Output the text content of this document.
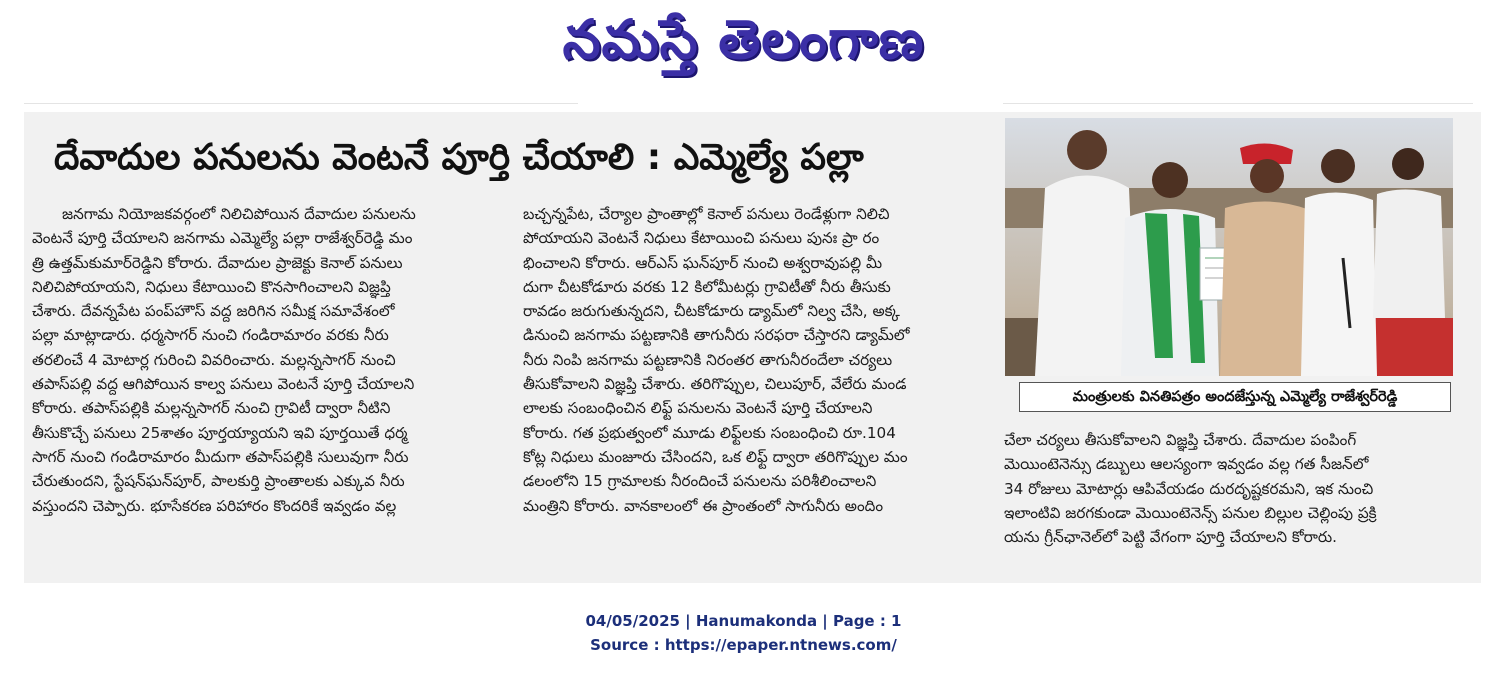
నమస్తే తెలంగాణ
దేవాదుల పనులను వెంటనే పూర్తి చేయాలి : ఎమ్మెల్యే పల్లా

జనగామ నియోజకవర్గంలో నిలిచిపోయిన దేవాదుల పనులను

వెంటనే పూర్తి చేయాలని జనగామ ఎమ్మెల్యే పల్లా రాజేశ్వర్‌రెడ్డి మం

త్రి ఉత్తమ్‌కుమార్‌రెడ్డిని కోరారు. దేవాదుల ప్రాజెక్టు కెనాల్ పనులు

నిలిచిపోయాయని, నిధులు కేటాయించి కొనసాగించాలని విజ్ఞప్తి

చేశారు. దేవన్నపేట పంప్‌హౌస్ వద్ద జరిగిన సమీక్ష సమావేశంలో

పల్లా మాట్లాడారు. ధర్మసాగర్ నుంచి గండిరామారం వరకు నీరు

తరలించే 4 మోటార్ల గురించి వివరించారు. మల్లన్నసాగర్ నుంచి

తపాస్‌పల్లి వద్ద ఆగిపోయిన కాల్వ పనులు వెంటనే పూర్తి చేయాలని

కోరారు. తపాస్‌పల్లికి మల్లన్నసాగర్ నుంచి గ్రావిటీ ద్వారా నీటిని

తీసుకొచ్చే పనులు 25శాతం పూర్తయ్యాయని ఇవి పూర్తయితే ధర్మ

సాగర్ నుంచి గండిరామారం మీదుగా తపాస్‌పల్లికి సులువుగా నీరు

చేరుతుందని, స్టేషన్‌ఘన్‌పూర్, పాలకుర్తి ప్రాంతాలకు ఎక్కువ నీరు

వస్తుందని చెప్పారు. భూసేకరణ పరిహారం కొందరికే ఇవ్వడం వల్ల

బచ్చన్నపేట, చేర్యాల ప్రాంతాల్లో కెనాల్ పనులు రెండేళ్లుగా నిలిచి

పోయాయని వెంటనే నిధులు కేటాయించి పనులు పునః ప్రా రం

భించాలని కోరారు. ఆర్ఎస్ ఘన్‌పూర్ నుంచి అశ్వరావుపల్లి మీ

దుగా చీటకోడూరు వరకు 12 కిలోమీటర్లు గ్రావిటీతో నీరు తీసుకు

రావడం జరుగుతున్నదని, చీటకోడూరు డ్యామ్‌లో నిల్వ చేసి, అక్క

డినుంచి జనగామ పట్టణానికి తాగునీరు సరఫరా చేస్తారని డ్యామ్‌లో

నీరు నింపి జనగామ పట్టణానికి నిరంతర తాగునీరందేలా చర్యలు

తీసుకోవాలని విజ్ఞప్తి చేశారు. తరిగొప్పుల, చిలుపూర్, వేలేరు మండ

లాలకు సంబంధించిన లిఫ్ట్ పనులను వెంటనే పూర్తి చేయాలని

కోరారు. గత ప్రభుత్వంలో మూడు లిఫ్ట్‌లకు సంబంధించి రూ.104

కోట్ల నిధులు మంజూరు చేసిందని, ఒక లిఫ్ట్ ద్వారా తరిగొప్పుల మం

డలంలోని 15 గ్రామాలకు నీరందించే పనులను పరిశీలించాలని

మంత్రిని కోరారు. వానకాలంలో ఈ ప్రాంతంలో సాగునీరు అందిం

మంత్రులకు వినతిపత్రం అందజేస్తున్న ఎమ్మెల్యే రాజేశ్వర్‌రెడ్డి

చేలా చర్యలు తీసుకోవాలని విజ్ఞప్తి చేశారు. దేవాదుల పంపింగ్

మెయింటెనెన్సు డబ్బులు ఆలస్యంగా ఇవ్వడం వల్ల గత సీజన్‌లో

34 రోజులు మోటార్లు ఆపివేయడం దురదృష్టకరమని, ఇక నుంచి

ఇలాంటివి జరగకుండా మెయింటెనెన్స్ పనుల బిల్లుల చెల్లింపు ప్రక్రి

యను గ్రీన్‌ఛానెల్‌లో పెట్టి వేగంగా పూర్తి చేయాలని కోరారు.

04/05/2025 | Hanumakonda | Page : 1
Source : https://epaper.ntnews.com/
